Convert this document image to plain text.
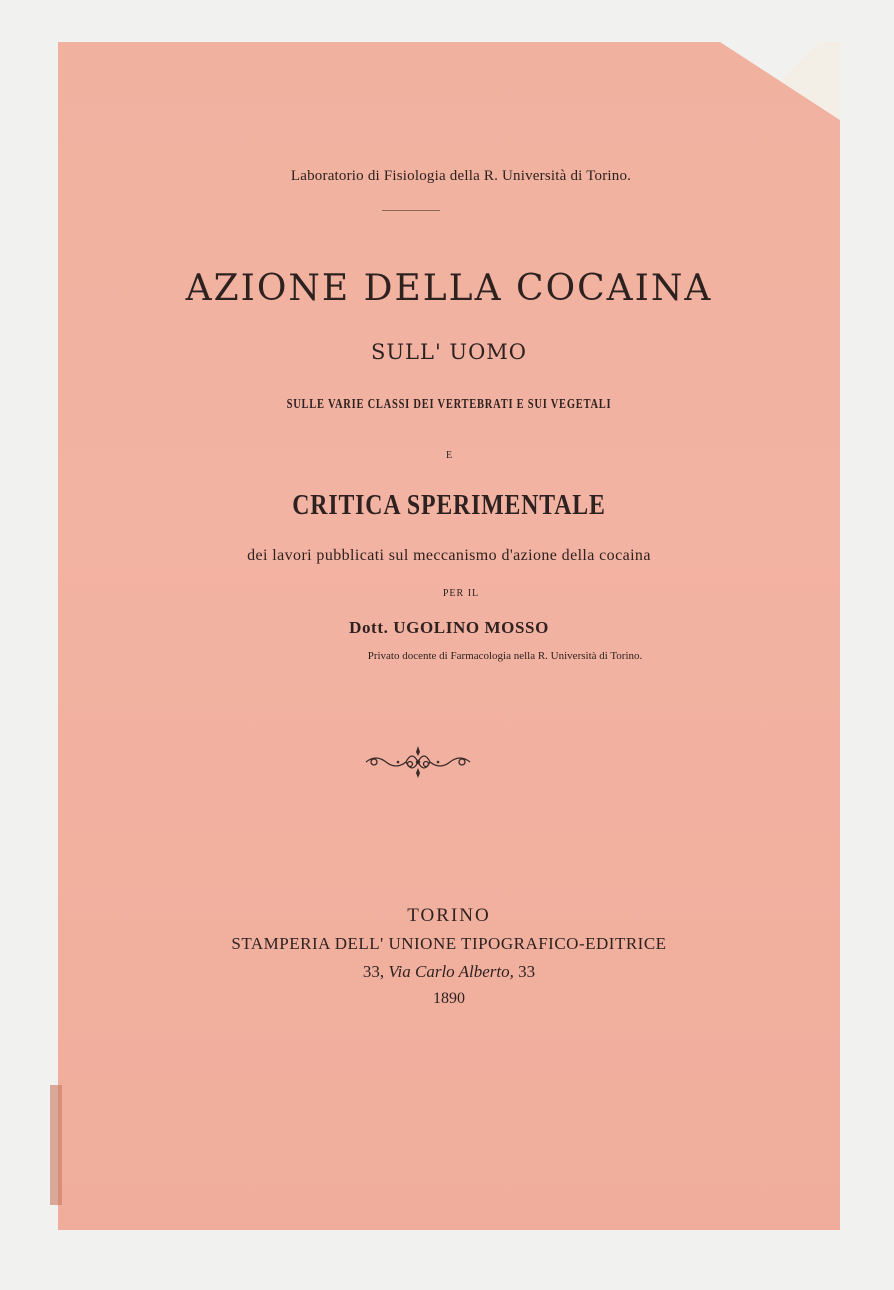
Laboratorio di Fisiologia della R. Università di Torino.
AZIONE DELLA COCAINA
SULL' UOMO
SULLE VARIE CLASSI DEI VERTEBRATI E SUI VEGETALI
E
CRITICA SPERIMENTALE
dei lavori pubblicati sul meccanismo d'azione della cocaina
PER IL
Dott. UGOLINO MOSSO
Privato docente di Farmacologia nella R. Università di Torino.
TORINO
STAMPERIA DELL' UNIONE TIPOGRAFICO-EDITRICE
33, Via Carlo Alberto, 33
1890
